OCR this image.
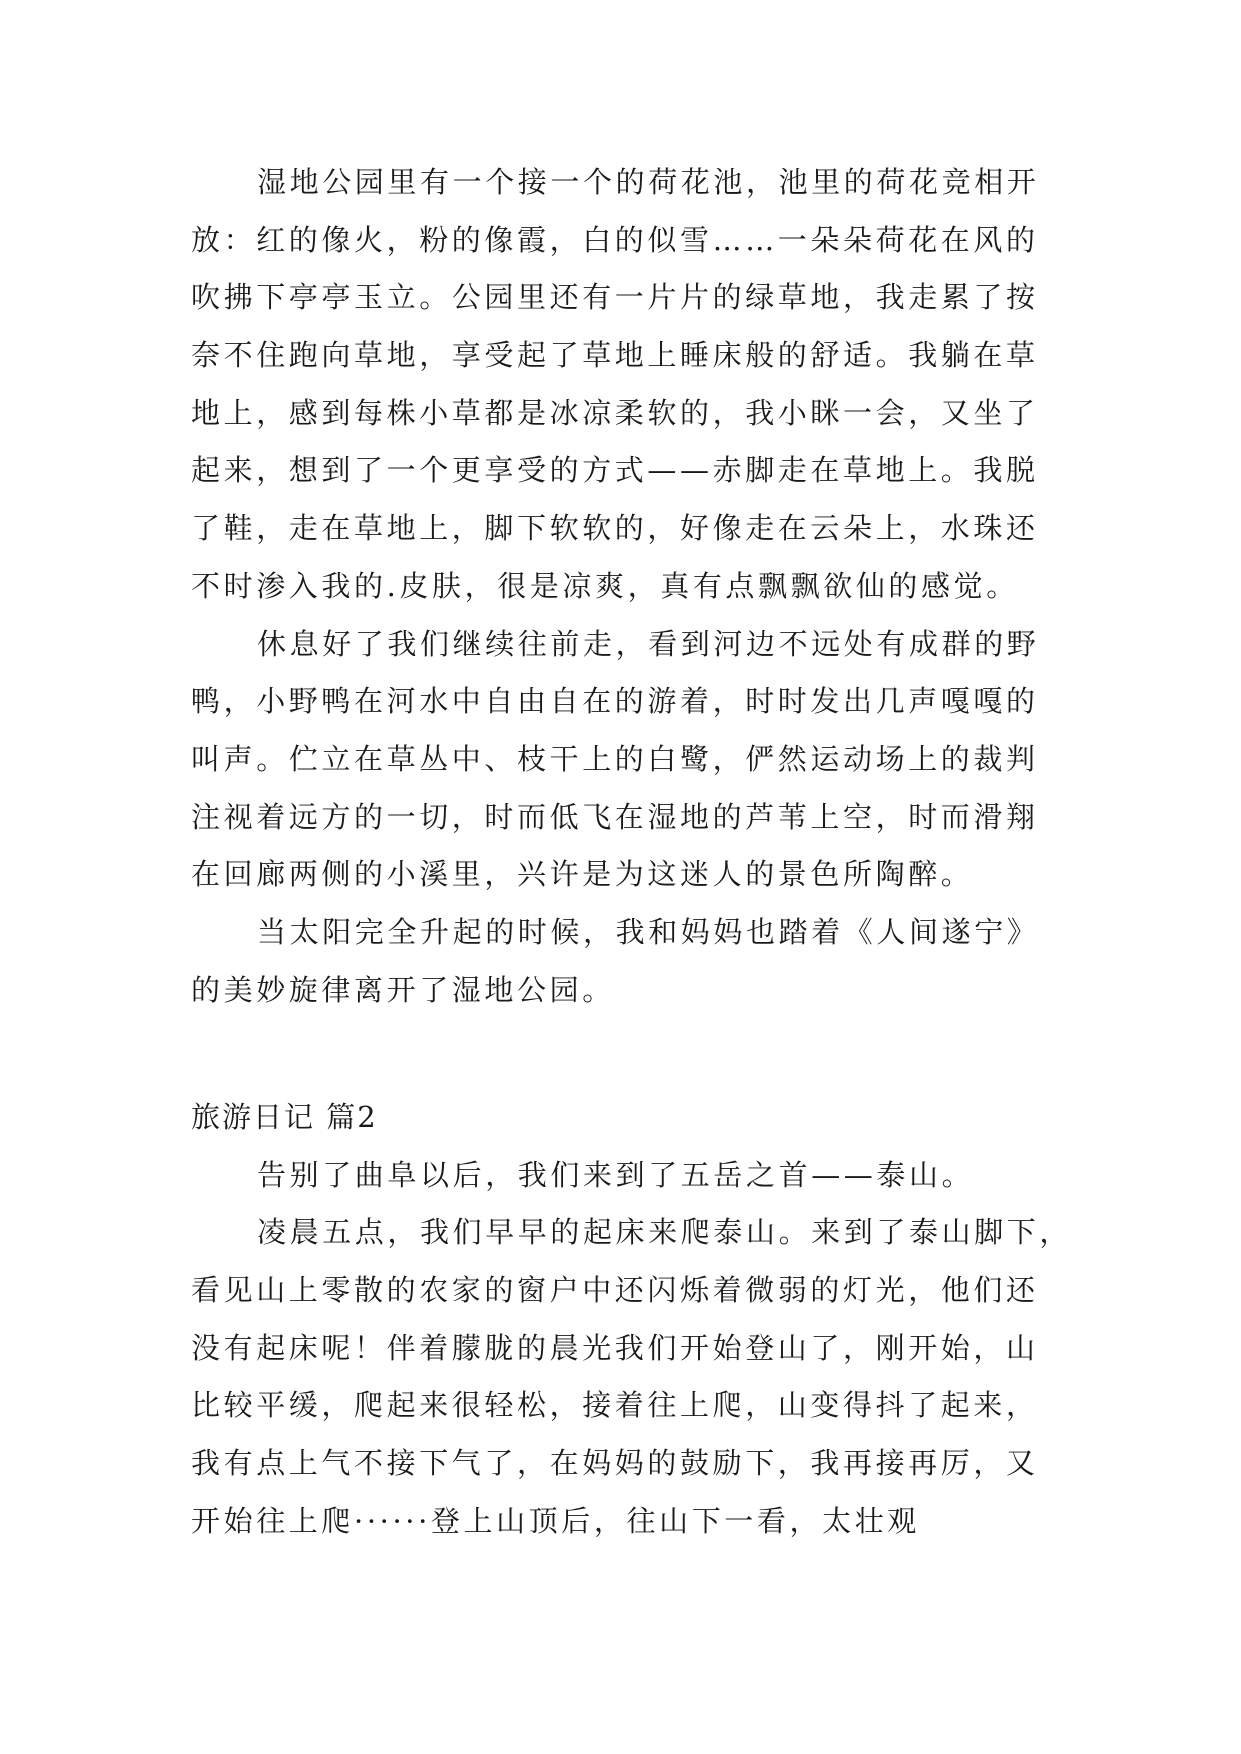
湿地公园里有一个接一个的荷花池，池里的荷花竞相开
放：红的像火，粉的像霞，白的似雪……一朵朵荷花在风的
吹拂下亭亭玉立。公园里还有一片片的绿草地，我走累了按
奈不住跑向草地，享受起了草地上睡床般的舒适。我躺在草
地上，感到每株小草都是冰凉柔软的，我小眯一会，又坐了
起来，想到了一个更享受的方式——赤脚走在草地上。我脱
了鞋，走在草地上，脚下软软的，好像走在云朵上，水珠还
不时渗入我的.皮肤，很是凉爽，真有点飘飘欲仙的感觉。
休息好了我们继续往前走，看到河边不远处有成群的野
鸭，小野鸭在河水中自由自在的游着，时时发出几声嘎嘎的
叫声。伫立在草丛中、枝干上的白鹭，俨然运动场上的裁判
注视着远方的一切，时而低飞在湿地的芦苇上空，时而滑翔
在回廊两侧的小溪里，兴许是为这迷人的景色所陶醉。
当太阳完全升起的时候，我和妈妈也踏着《人间遂宁》
的美妙旋律离开了湿地公园。
旅游日记 篇2
告别了曲阜以后，我们来到了五岳之首——泰山。
凌晨五点，我们早早的起床来爬泰山。来到了泰山脚下，
看见山上零散的农家的窗户中还闪烁着微弱的灯光，他们还
没有起床呢！伴着朦胧的晨光我们开始登山了，刚开始，山
比较平缓，爬起来很轻松，接着往上爬，山变得抖了起来，
我有点上气不接下气了，在妈妈的鼓励下，我再接再厉，又
开始往上爬······登上山顶后，往山下一看，太壮观
